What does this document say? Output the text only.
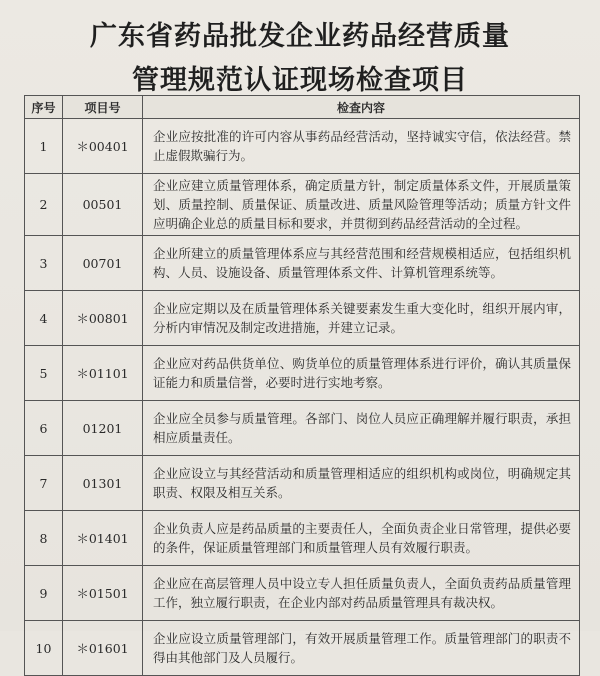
广东省药品批发企业药品经营质量
管理规范认证现场检查项目
序号	项目号	检查内容
1	＊00401	企业应按批准的许可内容从事药品经营活动，坚持诚实守信，依法经营。禁止虚假欺骗行为。
2	00501	企业应建立质量管理体系，确定质量方针，制定质量体系文件，开展质量策划、质量控制、质量保证、质量改进、质量风险管理等活动；质量方针文件应明确企业总的质量目标和要求，并贯彻到药品经营活动的全过程。
3	00701	企业所建立的质量管理体系应与其经营范围和经营规模相适应，包括组织机构、人员、设施设备、质量管理体系文件、计算机管理系统等。
4	＊00801	企业应定期以及在质量管理体系关键要素发生重大变化时，组织开展内审，分析内审情况及制定改进措施，并建立记录。
5	＊01101	企业应对药品供货单位、购货单位的质量管理体系进行评价，确认其质量保证能力和质量信誉，必要时进行实地考察。
6	01201	企业应全员参与质量管理。各部门、岗位人员应正确理解并履行职责，承担相应质量责任。
7	01301	企业应设立与其经营活动和质量管理相适应的组织机构或岗位，明确规定其职责、权限及相互关系。
8	＊01401	企业负责人应是药品质量的主要责任人，全面负责企业日常管理，提供必要的条件，保证质量管理部门和质量管理人员有效履行职责。
9	＊01501	企业应在高层管理人员中设立专人担任质量负责人，全面负责药品质量管理工作，独立履行职责，在企业内部对药品质量管理具有裁决权。
10	＊01601	企业应设立质量管理部门，有效开展质量管理工作。质量管理部门的职责不得由其他部门及人员履行。
